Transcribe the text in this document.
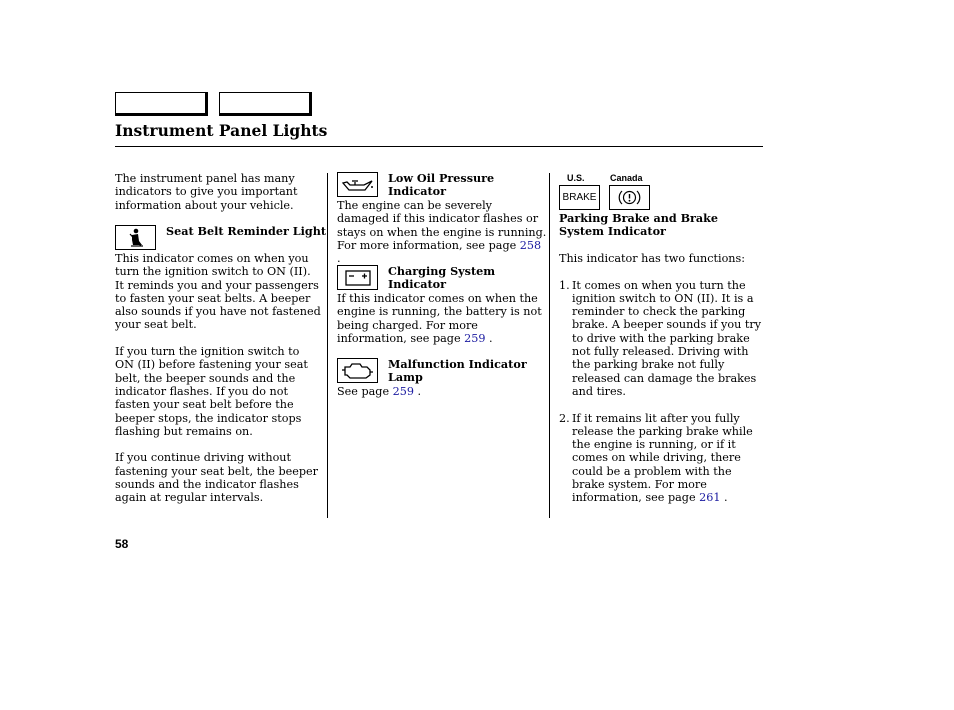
Instrument Panel Lights

The instrument panel has many indicators to give you important information about your vehicle.

Seat Belt Reminder Light

This indicator comes on when you turn the ignition switch to ON (II). It reminds you and your passengers to fasten your seat belts. A beeper also sounds if you have not fastened your seat belt.

If you turn the ignition switch to ON (II) before fastening your seat belt, the beeper sounds and the indicator flashes. If you do not fasten your seat belt before the beeper stops, the indicator stops flashing but remains on.

If you continue driving without fastening your seat belt, the beeper sounds and the indicator flashes again at regular intervals.

Low Oil Pressure

Indicator

The engine can be severely damaged if this indicator flashes or stays on when the engine is running. For more information, see page 258 .

Charging System

Indicator

If this indicator comes on when the engine is running, the battery is not being charged. For more information, see page 259 .

Malfunction Indicator

Lamp

See page 259 .

U.S.	Canada
BRAKE

Parking Brake and Brake

System Indicator

This indicator has two functions:

1. It comes on when you turn the ignition switch to ON (II). It is a reminder to check the parking brake. A beeper sounds if you try to drive with the parking brake not fully released. Driving with the parking brake not fully released can damage the brakes and tires.

2. If it remains lit after you fully release the parking brake while the engine is running, or if it comes on while driving, there could be a problem with the brake system. For more information, see page 261 .

58
